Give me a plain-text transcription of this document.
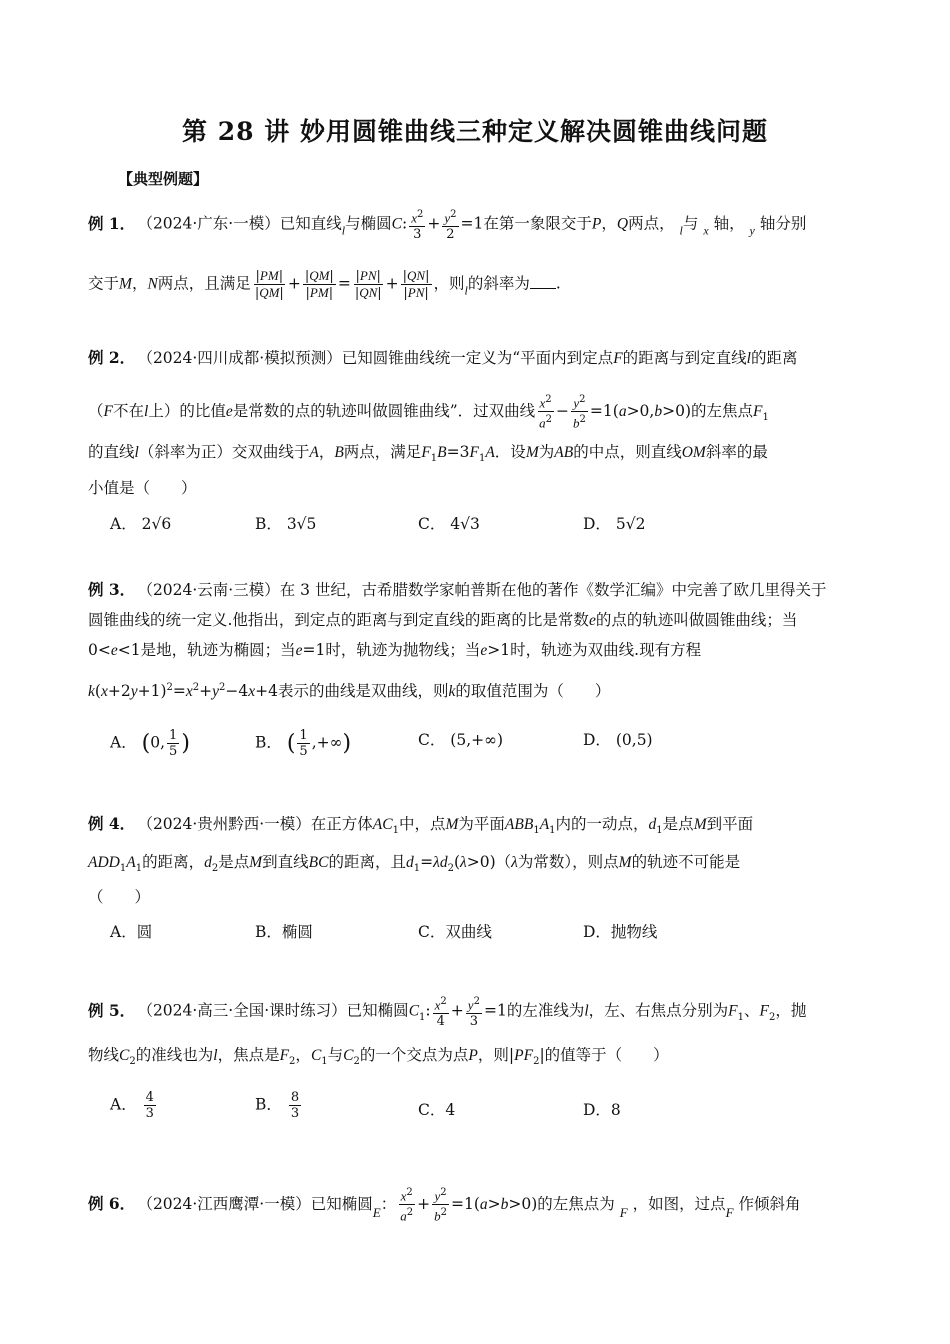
第 28 讲 妙用圆锥曲线三种定义解决圆锥曲线问题
【典型例题】
例 1． （2024·广东·一模）已知直线$_l$与椭圆C: $\frac{x^2}{3} + \frac{y^2}{2} =1$在第一象限交于P，Q两点， $_l$与 $_x$ 轴， $_y$ 轴分别
交于M，N两点，且满足 $\frac{|PM|}{|QM|} + \frac{|QM|}{|PM|} = \frac{|PN|}{|QN|} + \frac{|QN|}{|PN|}$ ，则$_l$的斜率为 .
例 2． （2024·四川成都·模拟预测）已知圆锥曲线统一定义为“平面内到定点F的距离与到定直线l的距离
（F不在l上）的比值e是常数的点的轨迹叫做圆锥曲线”．过双曲线 $\frac{x^2}{a^2} - \frac{y^2}{b^2} =1(a>0,b>0)$的左焦点$F_1$
的直线l（斜率为正）交双曲线于A，B两点，满足$F_1B=3F_1A$．设M为AB的中点，则直线OM斜率的最
小值是（　　）
A． 2√6	B． 3√5	C． 4√3	D． 5√2
例 3． （2024·云南·三模）在 3 世纪，古希腊数学家帕普斯在他的著作《数学汇编》中完善了欧几里得关于
圆锥曲线的统一定义.他指出，到定点的距离与到定直线的距离的比是常数e的点的轨迹叫做圆锥曲线；当
0<e<1是地，轨迹为椭圆；当e=1时，轨迹为抛物线；当e>1时，轨迹为双曲线.现有方程
$k(x+2y+1)^2=x^2+y^2-4x+4$表示的曲线是双曲线，则k的取值范围为（　　）
A． (0, $\frac{1}{5}$ )	B． ( $\frac{1}{5}$ ,+∞)	C． (5,+∞)	D． (0,5)
例 4． （2024·贵州黔西·一模）在正方体$AC_1$中，点M为平面$ABB_1A_1$内的一动点，$d_1$是点M到平面
$ADD_1A_1$的距离，$d_2$是点M到直线BC的距离，且$d_1=\lambda d_2(\lambda>0)(\lambda$为常数），则点M的轨迹不可能是
（　　）
A．圆	B．椭圆	C．双曲线	D．抛物线
例 5． （2024·高三·全国·课时练习）已知椭圆$C_1$: $\frac{x^2}{4} + \frac{y^2}{3} =1$的左准线为l，左、右焦点分别为$F_1$、$F_2$，抛
物线$C_2$的准线也为l，焦点是$F_2$，$C_1$与$C_2$的一个交点为点P，则$|PF_2|$的值等于（　　）
A． $\frac{4}{3}$	B． $\frac{8}{3}$	C．4	D．8
例 6． （2024·江西鹰潭·一模）已知椭圆$_E$： $\frac{x^2}{a^2} + \frac{y^2}{b^2} =1(a>b>0)$的左焦点为 $_F$ ，如图，过点$_F$ 作倾斜角
